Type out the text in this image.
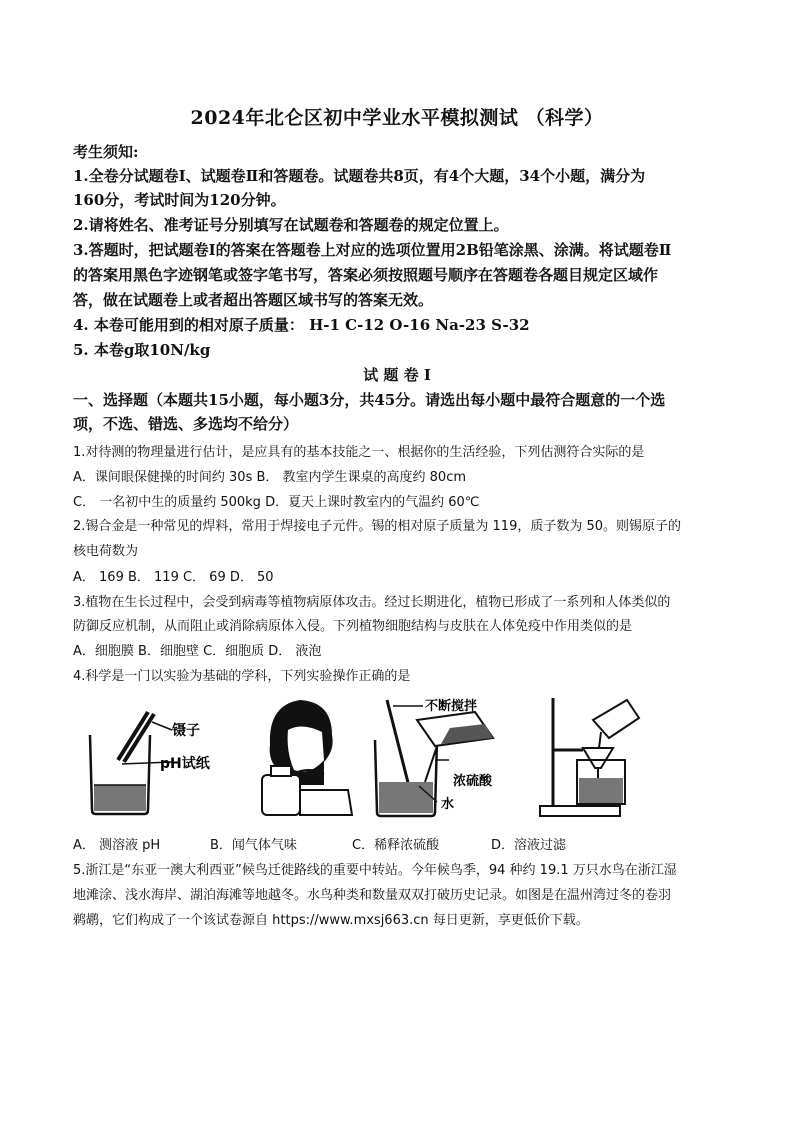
2024年北仑区初中学业水平模拟测试 （科学）
考生须知:
1.全卷分试题卷Ⅰ、试题卷Ⅱ和答题卷。试题卷共8页，有4个大题，34个小题，满分为
160分，考试时间为120分钟。
2.请将姓名、准考证号分别填写在试题卷和答题卷的规定位置上。
3.答题时，把试题卷Ⅰ的答案在答题卷上对应的选项位置用2B铅笔涂黑、涂满。将试题卷Ⅱ
的答案用黑色字迹钢笔或签字笔书写，答案必须按照题号顺序在答题卷各题目规定区域作
答，做在试题卷上或者超出答题区域书写的答案无效。
4. 本卷可能用到的相对原子质量： H-1 C-12 O-16 Na-23 S-32
5. 本卷g取10N/kg
试 题 卷 Ⅰ
一、选择题（本题共15小题，每小题3分，共45分。请选出每小题中最符合题意的一个选
项，不选、错选、多选均不给分）
1.对待测的物理量进行估计，是应具有的基本技能之一、根据你的生活经验，下列估测符合实际的是
A．课间眼保健操的时间约 30s B． 教室内学生课桌的高度约 80cm
C． 一名初中生的质量约 500kg D．夏天上课时教室内的气温约 60℃
2.锡合金是一种常见的焊料，常用于焊接电子元件。锡的相对原子质量为 119，质子数为 50。则锡原子的
核电荷数为
A． 169 B． 119 C． 69 D． 50
3.植物在生长过程中，会受到病毒等植物病原体攻击。经过长期进化，植物已形成了一系列和人体类似的
防御反应机制，从而阻止或消除病原体入侵。下列植物细胞结构与皮肤在人体免疫中作用类似的是
A．细胞膜 B．细胞壁 C．细胞质 D． 液泡
4.科学是一门以实验为基础的学科，下列实验操作正确的是
镊子
pH试纸
不断搅拌
浓硫酸
水
A． 测溶液 pH	B．闻气体气味	C．稀释浓硫酸	D．溶液过滤
5.浙江是“东亚一澳大利西亚”候鸟迁徙路线的重要中转站。今年候鸟季，94 种约 19.1 万只水鸟在浙江湿
地滩涂、浅水海岸、湖泊海滩等地越冬。水鸟种类和数量双双打破历史记录。如图是在温州湾过冬的卷羽
鹈鹕，它们构成了一个该试卷源自 https://www.mxsj663.cn 每日更新，享更低价下载。
